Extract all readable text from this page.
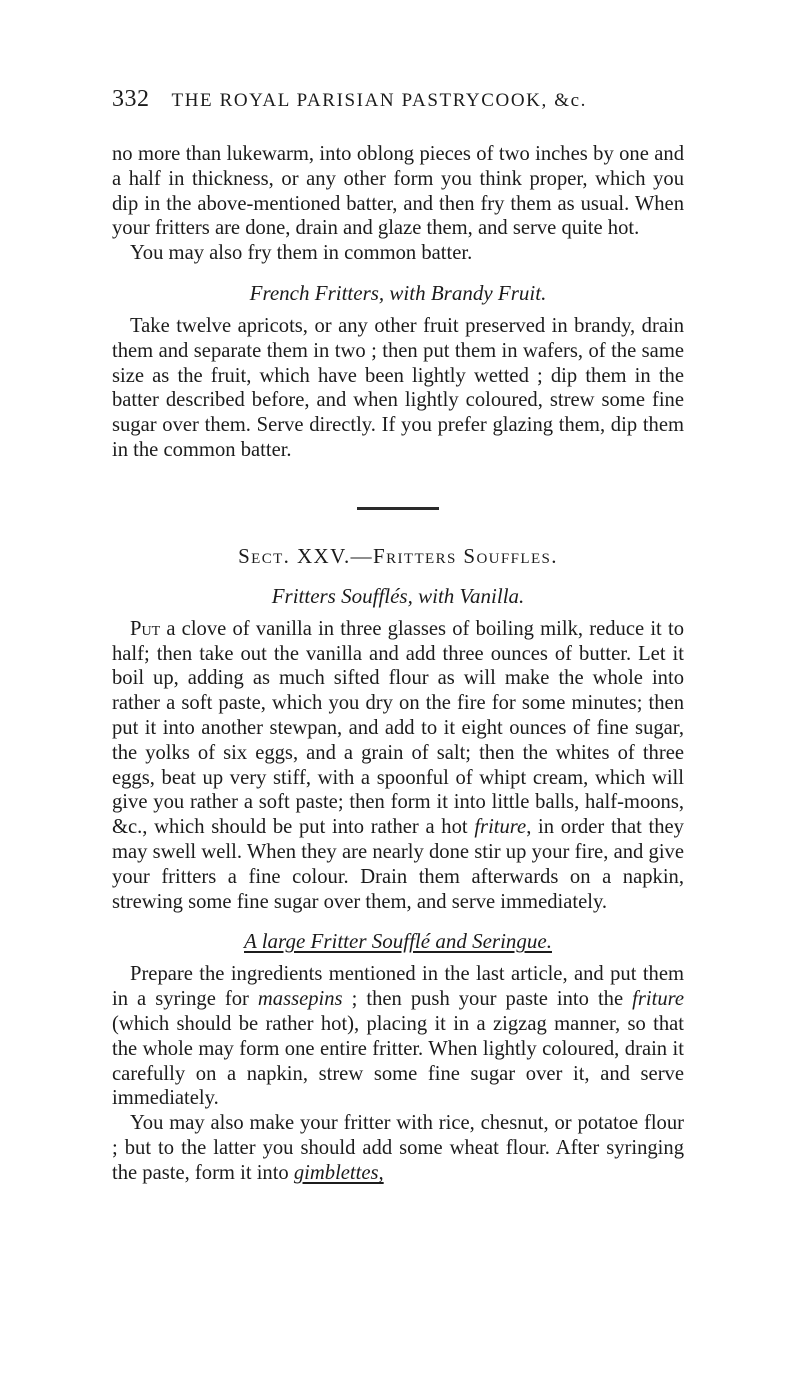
332 THE ROYAL PARISIAN PASTRYCOOK, &c.

no more than lukewarm, into oblong pieces of two inches by one and a half in thickness, or any other form you think proper, which you dip in the above-mentioned batter, and then fry them as usual. When your fritters are done, drain and glaze them, and serve quite hot.

You may also fry them in common batter.

French Fritters, with Brandy Fruit.

Take twelve apricots, or any other fruit preserved in brandy, drain them and separate them in two ; then put them in wafers, of the same size as the fruit, which have been lightly wetted ; dip them in the batter described before, and when lightly coloured, strew some fine sugar over them. Serve directly. If you prefer glazing them, dip them in the common batter.

Sect. XXV.—Fritters Souffles.
Fritters Soufflés, with Vanilla.

Put a clove of vanilla in three glasses of boiling milk, reduce it to half; then take out the vanilla and add three ounces of butter. Let it boil up, adding as much sifted flour as will make the whole into rather a soft paste, which you dry on the fire for some minutes; then put it into another stewpan, and add to it eight ounces of fine sugar, the yolks of six eggs, and a grain of salt; then the whites of three eggs, beat up very stiff, with a spoonful of whipt cream, which will give you rather a soft paste; then form it into little balls, half-moons, &c., which should be put into rather a hot friture, in order that they may swell well. When they are nearly done stir up your fire, and give your fritters a fine colour. Drain them afterwards on a napkin, strewing some fine sugar over them, and serve immediately.

A large Fritter Soufflé and Seringue.

Prepare the ingredients mentioned in the last article, and put them in a syringe for massepins ; then push your paste into the friture (which should be rather hot), placing it in a zigzag manner, so that the whole may form one entire fritter. When lightly coloured, drain it carefully on a napkin, strew some fine sugar over it, and serve immediately.

You may also make your fritter with rice, chesnut, or potatoe flour ; but to the latter you should add some wheat flour. After syringing the paste, form it into gimblettes,
